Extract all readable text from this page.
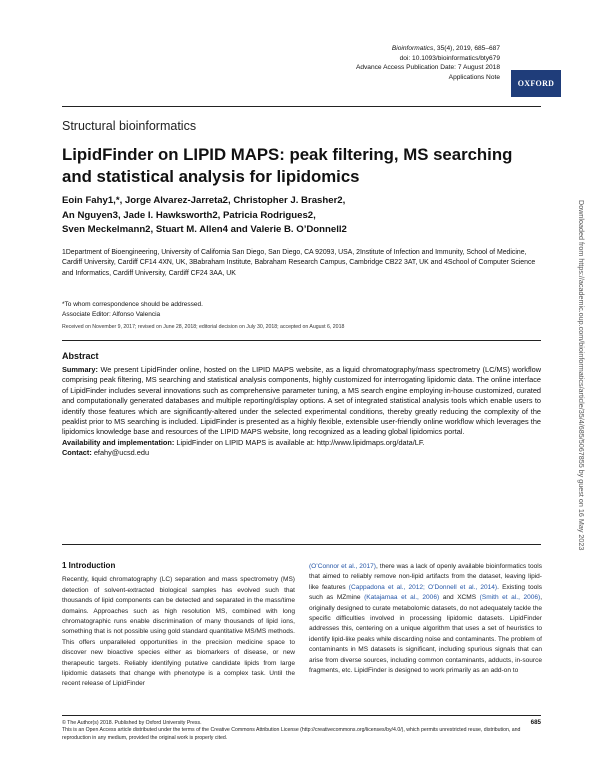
Bioinformatics, 35(4), 2019, 685–687
doi: 10.1093/bioinformatics/bty679
Advance Access Publication Date: 7 August 2018
Applications Note
OXFORD
Structural bioinformatics
LipidFinder on LIPID MAPS: peak filtering, MS searching and statistical analysis for lipidomics
Eoin Fahy1,*, Jorge Alvarez-Jarreta2, Christopher J. Brasher2,
An Nguyen3, Jade I. Hawksworth2, Patricia Rodrigues2,
Sven Meckelmann2, Stuart M. Allen4 and Valerie B. O’Donnell2
1Department of Bioengineering, University of California San Diego, San Diego, CA 92093, USA, 2Institute of Infection and Immunity, School of Medicine, Cardiff University, Cardiff CF14 4XN, UK, 3Babraham Institute, Babraham Research Campus, Cambridge CB22 3AT, UK and 4School of Computer Science and Informatics, Cardiff University, Cardiff CF24 3AA, UK
*To whom correspondence should be addressed.
Associate Editor: Alfonso Valencia
Received on November 9, 2017; revised on June 28, 2018; editorial decision on July 30, 2018; accepted on August 6, 2018
Abstract
Summary: We present LipidFinder online, hosted on the LIPID MAPS website, as a liquid chromatography/mass spectrometry (LC/MS) workflow comprising peak filtering, MS searching and statistical analysis components, highly customized for interrogating lipidomic data. The online interface of LipidFinder includes several innovations such as comprehensive parameter tuning, a MS search engine employing in-house customized, curated and computationally generated databases and multiple reporting/display options. A set of integrated statistical analysis tools which enable users to identify those features which are significantly-altered under the selected experimental conditions, thereby greatly reducing the complexity of the peaklist prior to MS searching is included. LipidFinder is presented as a highly flexible, extensible user-friendly online workflow which leverages the lipidomics knowledge base and resources of the LIPID MAPS website, long recognized as a leading global lipidomics portal.
Availability and implementation: LipidFinder on LIPID MAPS is available at: http://www.lipidmaps.org/data/LF.
Contact: efahy@ucsd.edu
1 Introduction
Recently, liquid chromatography (LC) separation and mass spectrometry (MS) detection of solvent-extracted biological samples has evolved such that thousands of lipid components can be detected and separated in the mass/time domains. Approaches such as high resolution MS, combined with long chromatographic runs enable discrimination of many thousands of lipid ions, something that is not possible using gold standard quantitative MS/MS methods. This offers unparalleled opportunities in the precision medicine space to discover new bioactive species either as biomarkers of disease, or new therapeutic targets. Reliably identifying putative candidate lipids from large lipidomic datasets that change with phenotype is a complex task. Until the recent release of LipidFinder
(O’Connor et al., 2017), there was a lack of openly available bioinformatics tools that aimed to reliably remove non-lipid artifacts from the dataset, leaving lipid-like features (Cappadona et al., 2012; O’Donnell et al., 2014). Existing tools such as MZmine (Katajamaa et al., 2006) and XCMS (Smith et al., 2006), originally designed to curate metabolomic datasets, do not adequately tackle the specific difficulties involved in processing lipidomic datasets. LipidFinder addresses this, centering on a unique algorithm that uses a set of heuristics to identify lipid-like peaks while discarding noise and contaminants. The problem of contaminants in MS datasets is significant, including spurious signals that can arise from diverse sources, including common contaminants, adducts, in-source fragments, etc. LipidFinder is designed to work primarily as an add-on to
© The Author(s) 2018. Published by Oxford University Press.
This is an Open Access article distributed under the terms of the Creative Commons Attribution License (http://creativecommons.org/licenses/by/4.0/), which permits unrestricted reuse, distribution, and reproduction in any medium, provided the original work is properly cited.
685
Downloaded from https://academic.oup.com/bioinformatics/article/35/4/685/5067855 by guest on 16 May 2023
